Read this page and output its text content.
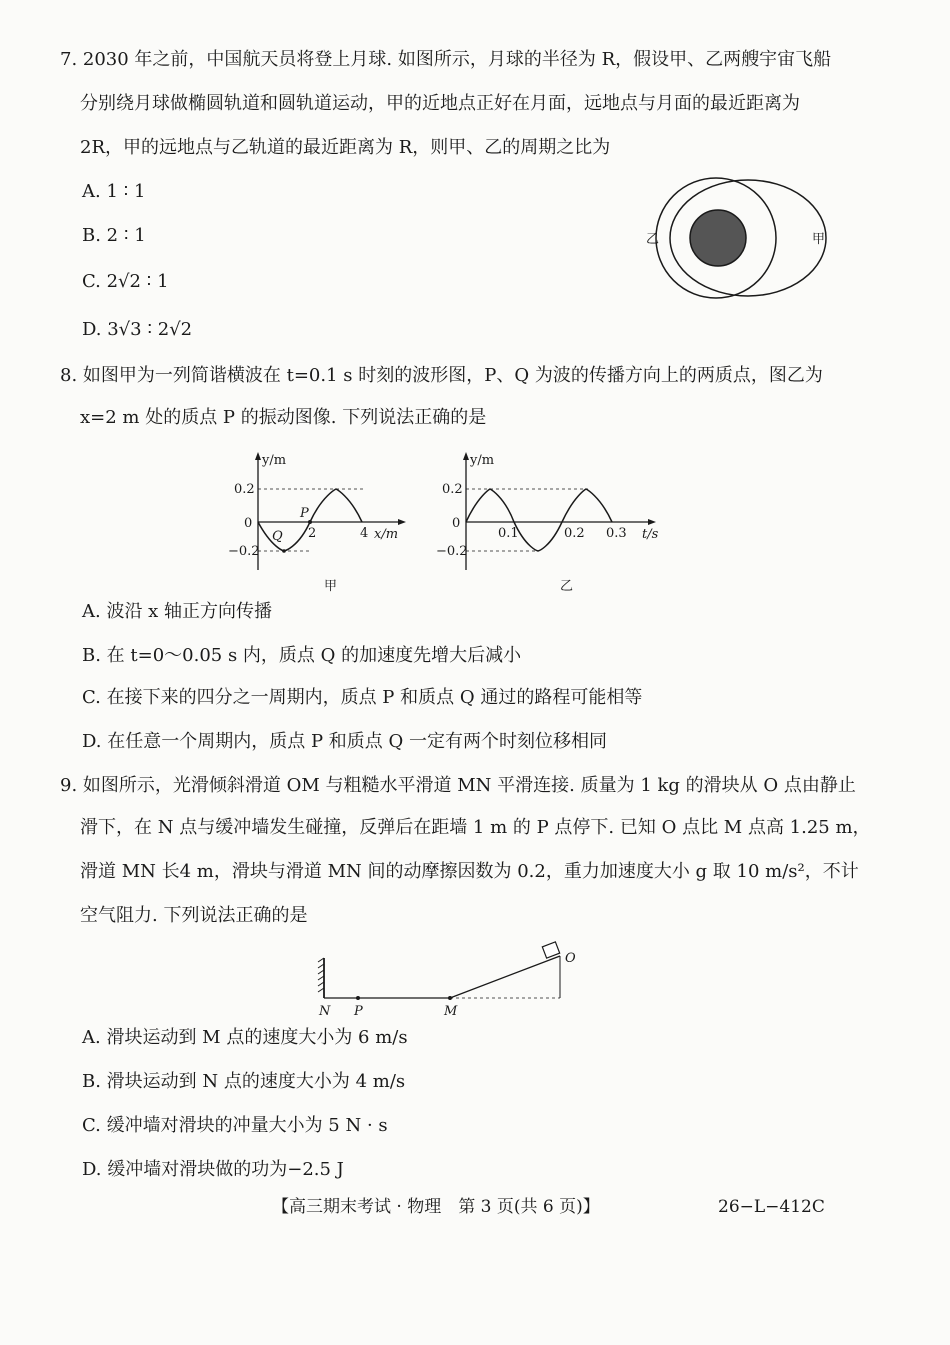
7. 2030 年之前，中国航天员将登上月球. 如图所示，月球的半径为 R，假设甲、乙两艘宇宙飞船
分别绕月球做椭圆轨道和圆轨道运动，甲的近地点正好在月面，远地点与月面的最近距离为
2R，甲的远地点与乙轨道的最近距离为 R，则甲、乙的周期之比为
A. 1 ∶ 1
B. 2 ∶ 1
C. 2√2 ∶ 1
D. 3√3 ∶ 2√2
乙	甲
8. 如图甲为一列简谐横波在 t=0.1 s 时刻的波形图，P、Q 为波的传播方向上的两质点，图乙为
x=2 m 处的质点 P 的振动图像. 下列说法正确的是
y/m
0.2
0
−0.2
2	4 x/m
P
Q
甲
y/m
0.2
0
−0.2
0.1	0.2 0.3 t/s
乙
A. 波沿 x 轴正方向传播
B. 在 t=0～0.05 s 内，质点 Q 的加速度先增大后减小
C. 在接下来的四分之一周期内，质点 P 和质点 Q 通过的路程可能相等
D. 在任意一个周期内，质点 P 和质点 Q 一定有两个时刻位移相同
9. 如图所示，光滑倾斜滑道 OM 与粗糙水平滑道 MN 平滑连接. 质量为 1 kg 的滑块从 O 点由静止
滑下，在 N 点与缓冲墙发生碰撞，反弹后在距墙 1 m 的 P 点停下. 已知 O 点比 M 点高 1.25 m，
滑道 MN 长4 m，滑块与滑道 MN 间的动摩擦因数为 0.2，重力加速度大小 g 取 10 m/s²，不计
空气阻力. 下列说法正确的是
N P	M
O
A. 滑块运动到 M 点的速度大小为 6 m/s
B. 滑块运动到 N 点的速度大小为 4 m/s
C. 缓冲墙对滑块的冲量大小为 5 N · s
D. 缓冲墙对滑块做的功为−2.5 J
【高三期末考试 · 物理　第 3 页(共 6 页)】	26−L−412C
